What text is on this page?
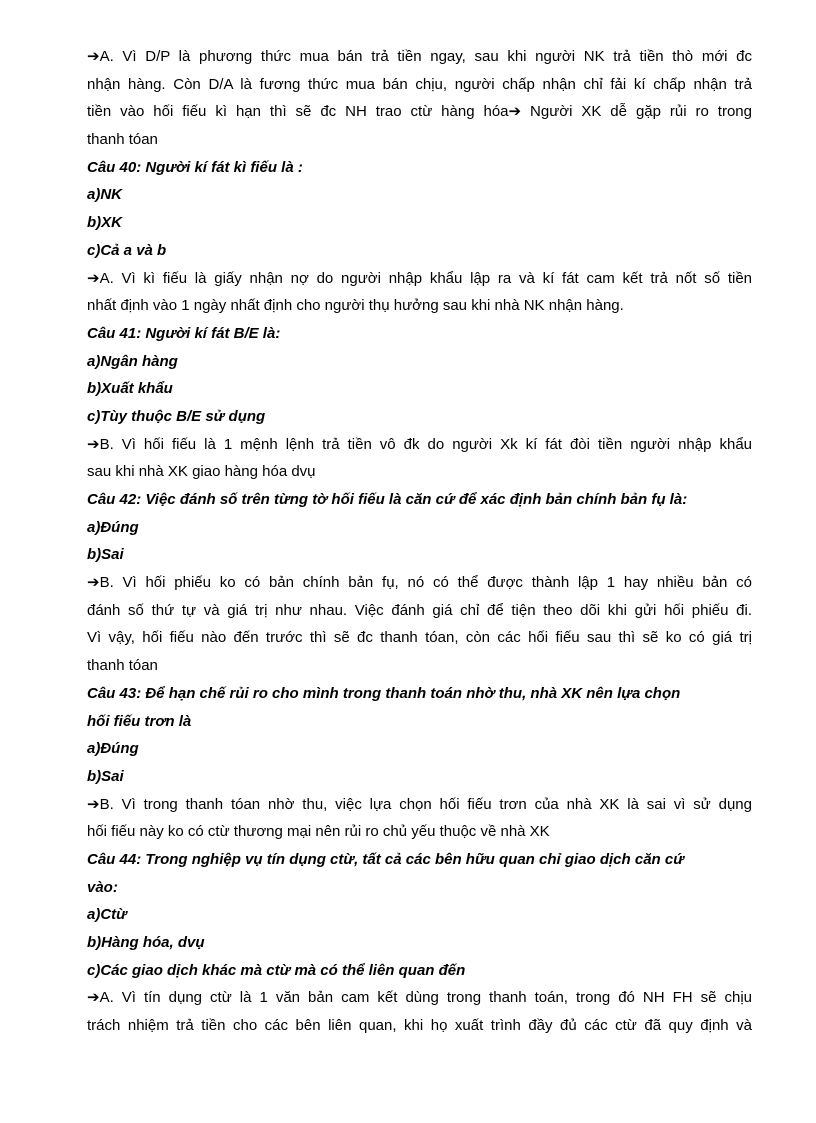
➔A. Vì D/P là phương thức mua bán trả tiền ngay, sau khi người NK trả tiền thò mới đc
nhận hàng. Còn D/A là fương thức mua bán chịu, người chấp nhận chỉ fải kí chấp nhận trả
tiền vào hối fiếu kì hạn thì sẽ đc NH trao ctừ hàng hóa➔ Người XK dễ gặp rủi ro trong
thanh tóan
Câu 40: Người kí fát kì fiếu là :
a)NK
b)XK
c)Cả a và b
➔A. Vì kì fiếu là giấy nhận nợ do người nhập khẩu lập ra và kí fát cam kết trả nốt số tiền
nhất định vào 1 ngày nhất định cho người thụ hưởng sau khi nhà NK nhận hàng.
Câu 41: Người kí fát B/E là:
a)Ngân hàng
b)Xuất khẩu
c)Tùy thuộc B/E sử dụng
➔B. Vì hối fiếu là 1 mệnh lệnh trả tiền vô đk do người Xk kí fát đòi tiền người nhập khẩu
sau khi nhà XK giao hàng hóa dvụ
Câu 42: Việc đánh số trên từng tờ hối fiếu là căn cứ để xác định bản chính bản fụ là:
a)Đúng
b)Sai
➔B. Vì hối phiếu ko có bản chính bản fụ, nó có thể được thành lập 1 hay nhiều bản có
đánh số thứ tự và giá trị như nhau. Việc đánh giá chỉ để tiện theo dõi khi gửi hối phiếu đi.
Vì vậy, hối fiếu nào đến trước thì sẽ đc thanh tóan, còn các hối fiếu sau thì sẽ ko có giá trị
thanh tóan
Câu 43: Để hạn chế rủi ro cho mình trong thanh toán nhờ thu, nhà XK nên lựa chọn
hối fiếu trơn là
a)Đúng
b)Sai
➔B. Vì trong thanh tóan nhờ thu, việc lựa chọn hối fiếu trơn của nhà XK là sai vì sử dụng
hối fiếu này ko có ctừ thương mại nên rủi ro chủ yếu thuộc về nhà XK
Câu 44: Trong nghiệp vụ tín dụng ctừ, tất cả các bên hữu quan chỉ giao dịch căn cứ
vào:
a)Ctừ
b)Hàng hóa, dvụ
c)Các giao dịch khác mà ctừ mà có thể liên quan đến
➔A. Vì tín dụng ctừ là 1 văn bản cam kết dùng trong thanh toán, trong đó NH FH sẽ chịu
trách nhiệm trả tiền cho các bên liên quan, khi họ xuất trình đầy đủ các ctừ đã quy định và
